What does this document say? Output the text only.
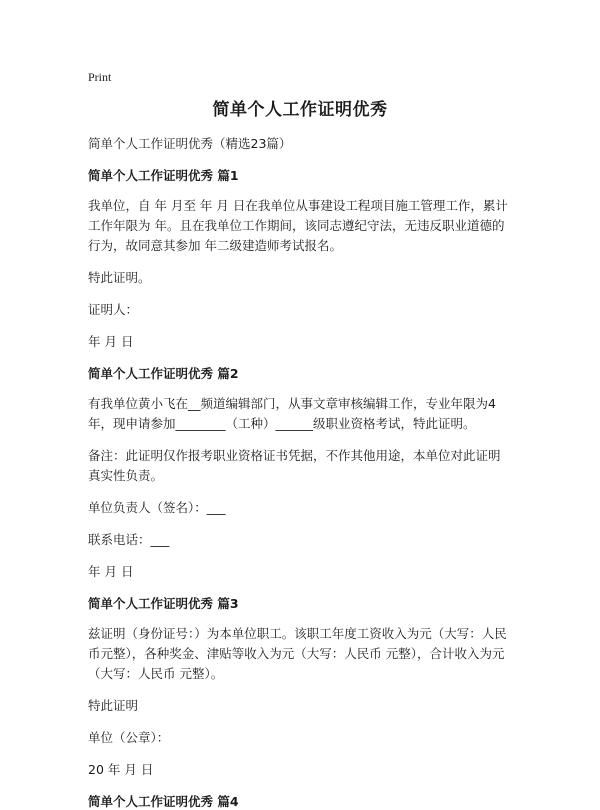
Print
简单个人工作证明优秀
简单个人工作证明优秀（精选23篇）
简单个人工作证明优秀 篇1
我单位，自 年 月至 年 月 日在我单位从事建设工程项目施工管理工作，累计工作年限为 年。且在我单位工作期间，该同志遵纪守法，无违反职业道德的行为，故同意其参加 年二级建造师考试报名。
特此证明。
证明人：
年 月 日
简单个人工作证明优秀 篇2
有我单位黄小飞在__频道编辑部门，从事文章审核编辑工作，专业年限为4年，现申请参加________（工种）______级职业资格考试，特此证明。
备注：此证明仅作报考职业资格证书凭据，不作其他用途，本单位对此证明真实性负责。
单位负责人（签名）：___
联系电话：___
年 月 日
简单个人工作证明优秀 篇3
兹证明（身份证号：）为本单位职工。该职工年度工资收入为元（大写：人民币元整），各种奖金、津贴等收入为元（大写：人民币 元整），合计收入为元（大写：人民币 元整）。
特此证明
单位（公章）：
20 年 月 日
简单个人工作证明优秀 篇4
